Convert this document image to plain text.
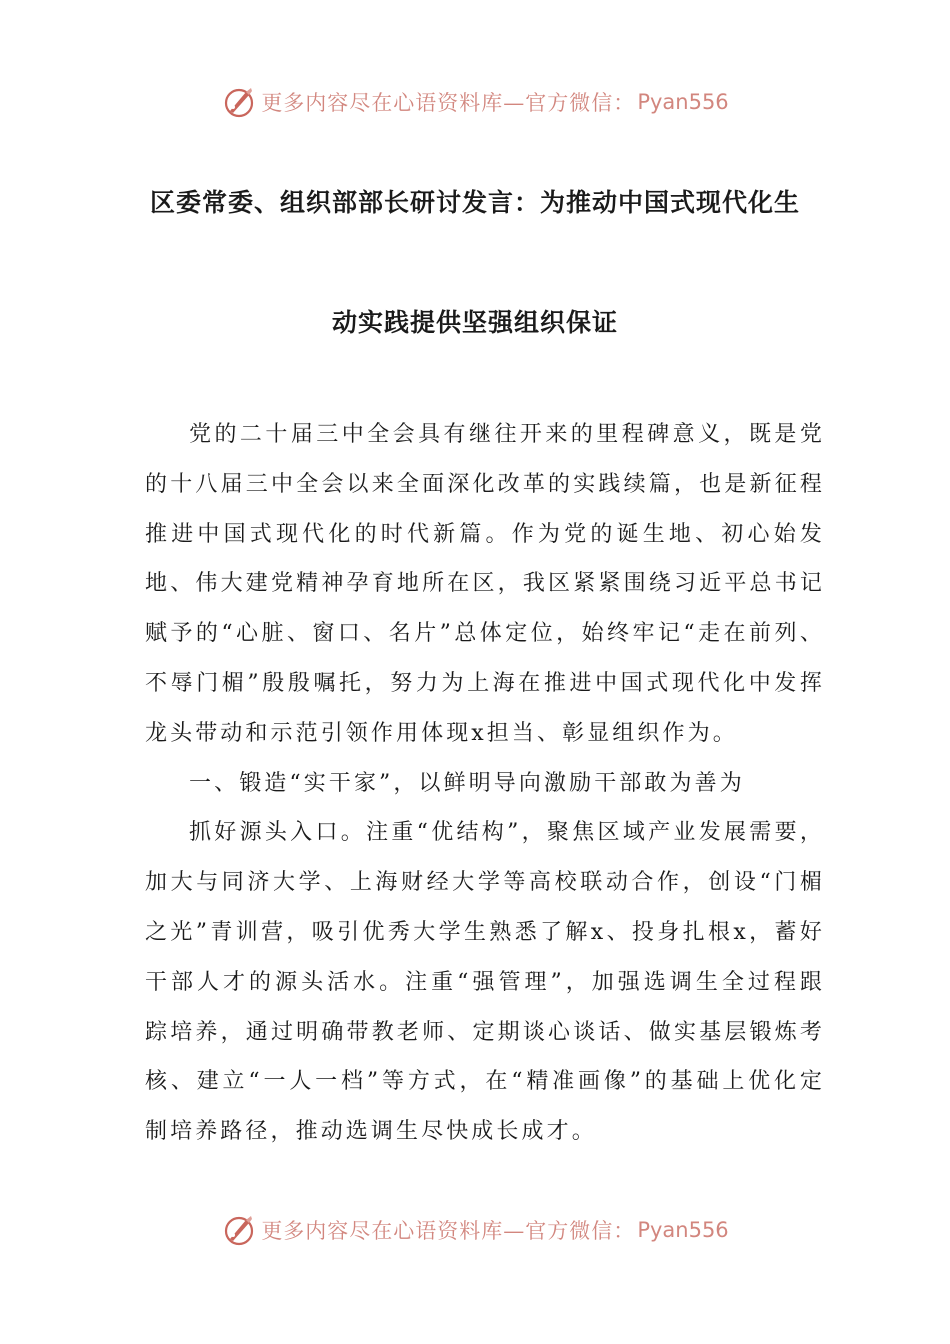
更多内容尽在心语资料库—官方微信： Pyan556
区委常委、组织部部长研讨发言：为推动中国式现代化生
动实践提供坚强组织保证

党的二十届三中全会具有继往开来的里程碑意义，既是党的十八届三中全会以来全面深化改革的实践续篇，也是新征程推进中国式现代化的时代新篇。作为党的诞生地、初心始发地、伟大建党精神孕育地所在区，我区紧紧围绕习近平总书记赋予的“心脏、窗口、名片”总体定位，始终牢记“走在前列、不辱门楣”殷殷嘱托，努力为上海在推进中国式现代化中发挥龙头带动和示范引领作用体现x担当、彰显组织作为。

一、锻造“实干家”，以鲜明导向激励干部敢为善为

抓好源头入口。注重“优结构”，聚焦区域产业发展需要，加大与同济大学、上海财经大学等高校联动合作，创设“门楣之光”青训营，吸引优秀大学生熟悉了解x、投身扎根x，蓄好干部人才的源头活水。注重“强管理”，加强选调生全过程跟踪培养，通过明确带教老师、定期谈心谈话、做实基层锻炼考核、建立“一人一档”等方式，在“精准画像”的基础上优化定制培养路径，推动选调生尽快成长成才。

更多内容尽在心语资料库—官方微信： Pyan556
